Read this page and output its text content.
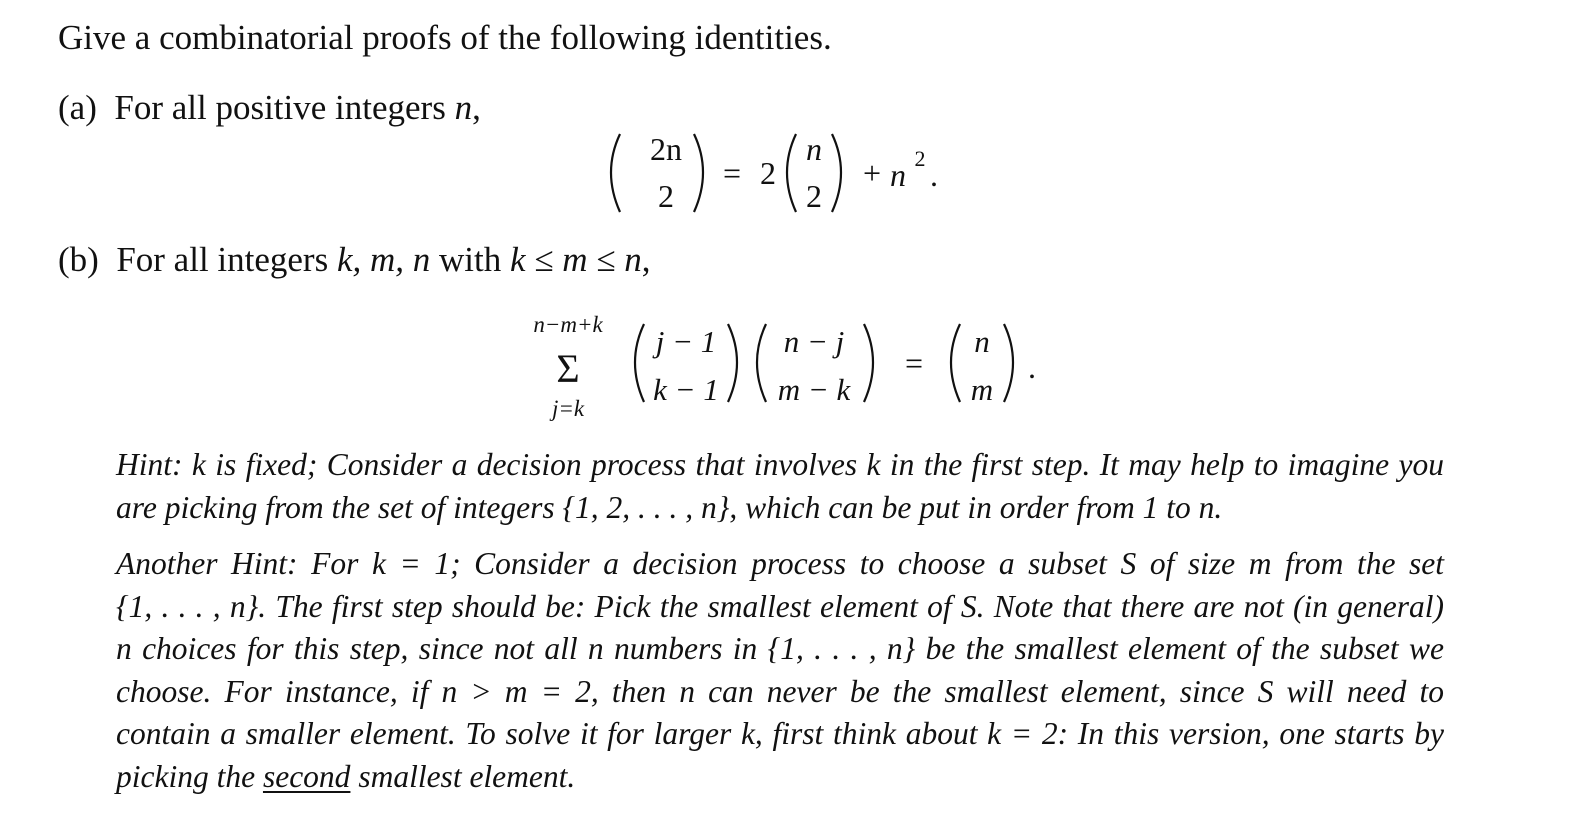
Give a combinatorial proofs of the following identities.
(a) For all positive integers n,
2n
2
= 2
n
2
+ n 2 .
(b) For all integers k, m, n with k ≤ m ≤ n,
n−m+k
Σ
j=k
j − 1
k − 1
n − j
m − k
=
n
m
.
Hint: k is fixed; Consider a decision process that involves k in the first step. It may help to imagine you
are picking from the set of integers {1, 2, . . . , n}, which can be put in order from 1 to n.
Another Hint: For k = 1; Consider a decision process to choose a subset S of size m from the set
{1, . . . , n}. The first step should be: Pick the smallest element of S. Note that there are not (in general)
n choices for this step, since not all n numbers in {1, . . . , n} be the smallest element of the subset we
choose. For instance, if n > m = 2, then n can never be the smallest element, since S will need to
contain a smaller element. To solve it for larger k, first think about k = 2: In this version, one starts by
picking the second smallest element.
